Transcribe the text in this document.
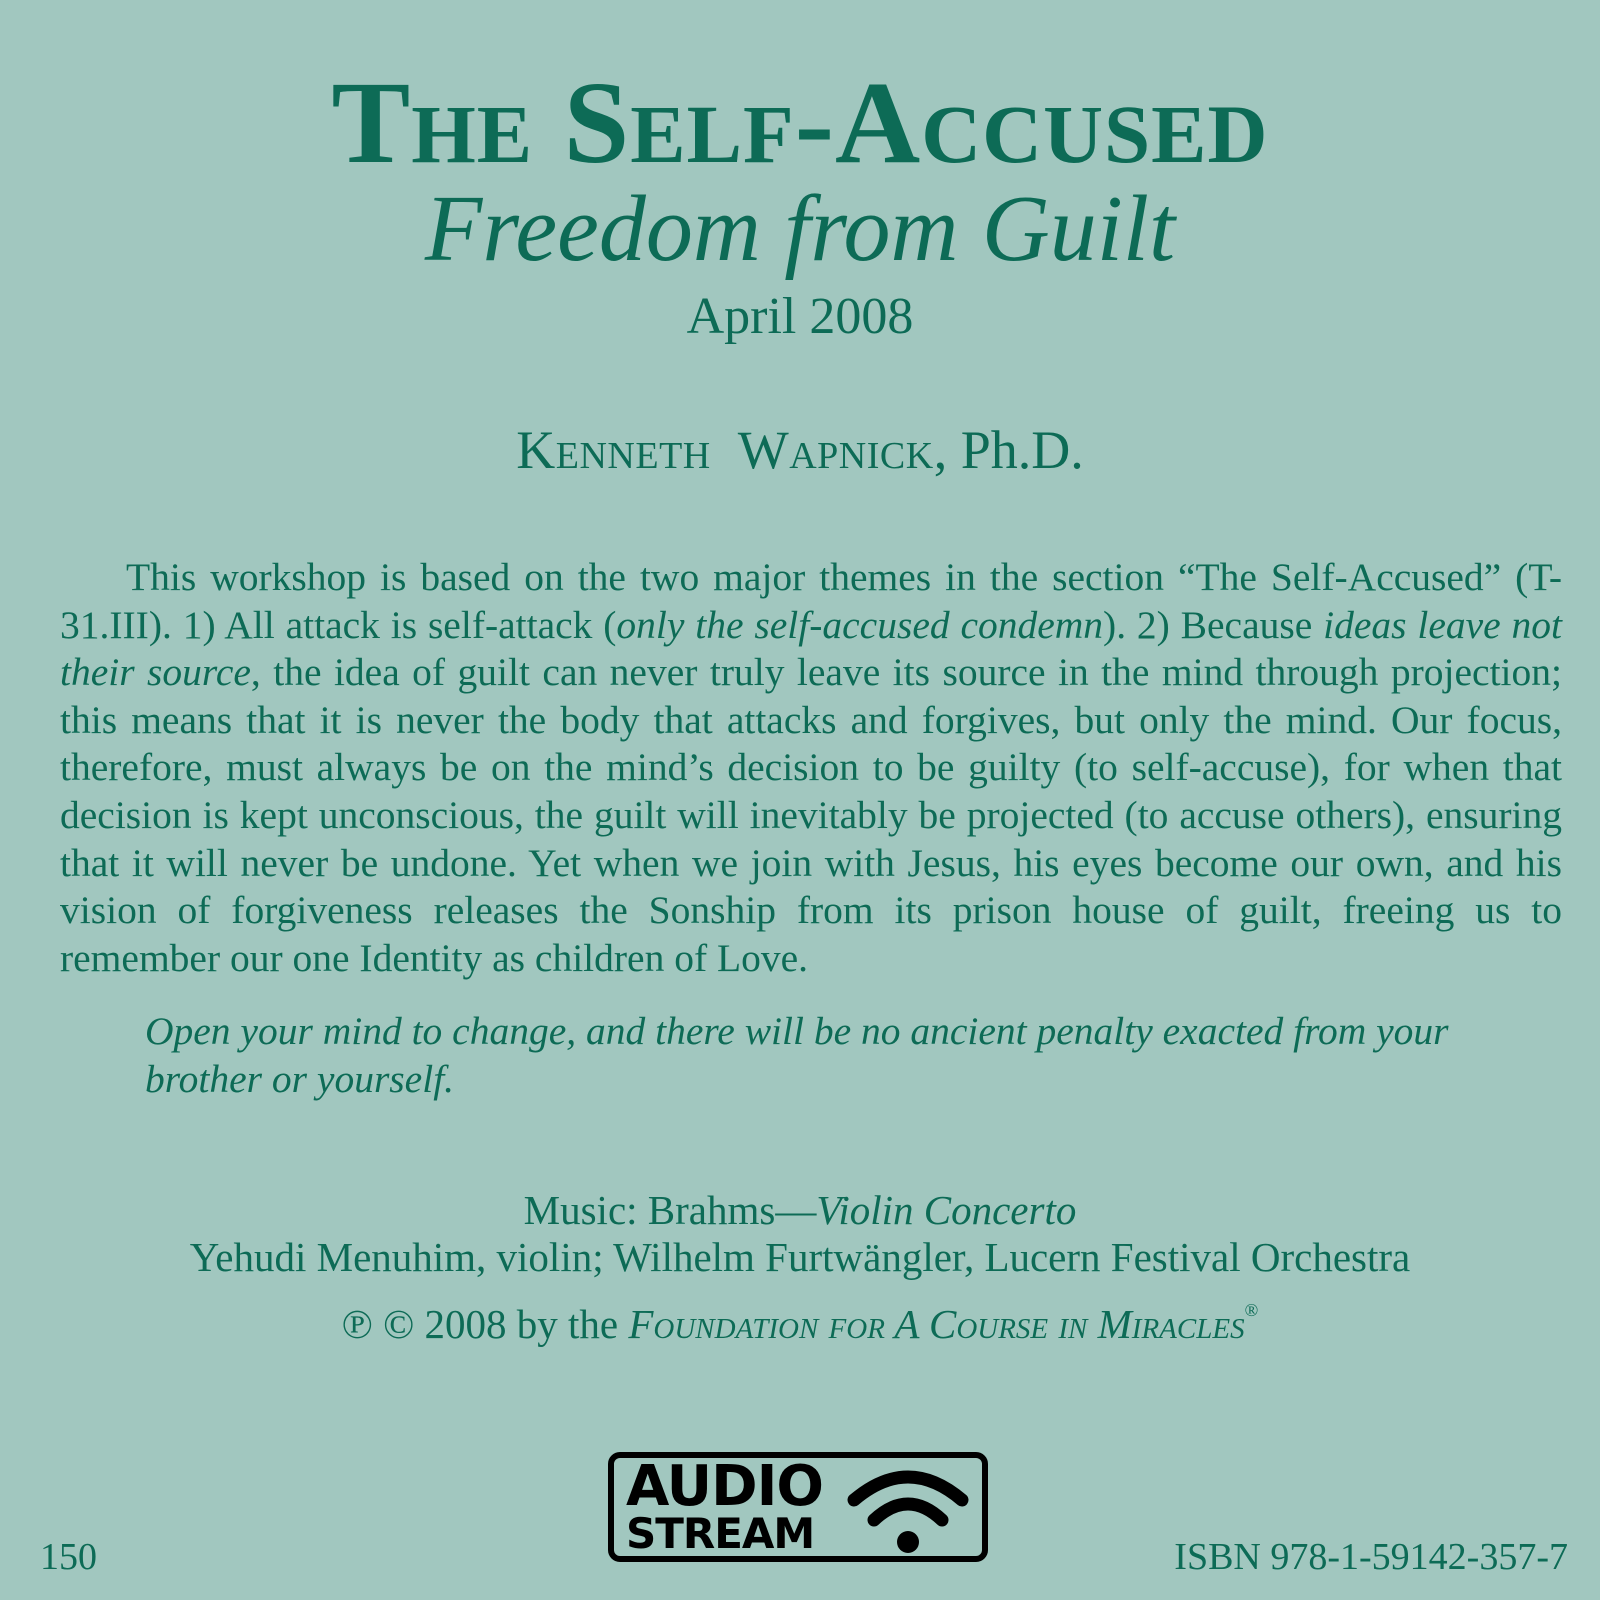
The Self-Accused
Freedom from Guilt
April 2008
Kenneth Wapnick, Ph.D.

This workshop is based on the two major themes in the section “The Self-Accused” (T-31.III). 1) All attack is self-attack (only the self-accused condemn). 2) Because ideas leave not their source, the idea of guilt can never truly leave its source in the mind through projection; this means that it is never the body that attacks and forgives, but only the mind. Our focus, therefore, must always be on the mind’s decision to be guilty (to self-accuse), for when that decision is kept unconscious, the guilt will inevitably be projected (to accuse others), ensuring that it will never be undone. Yet when we join with Jesus, his eyes become our own, and his vision of forgiveness releases the Sonship from its prison house of guilt, freeing us to remember our one Identity as children of Love.

Open your mind to change, and there will be no ancient penalty exacted from your brother or yourself.

Music: Brahms—Violin Concerto
Yehudi Menuhim, violin; Wilhelm Furtwängler, Lucern Festival Orchestra
℗ © 2008 by the Foundation for A Course in Miracles®
AUDIO
STREAM
150	ISBN 978-1-59142-357-7
